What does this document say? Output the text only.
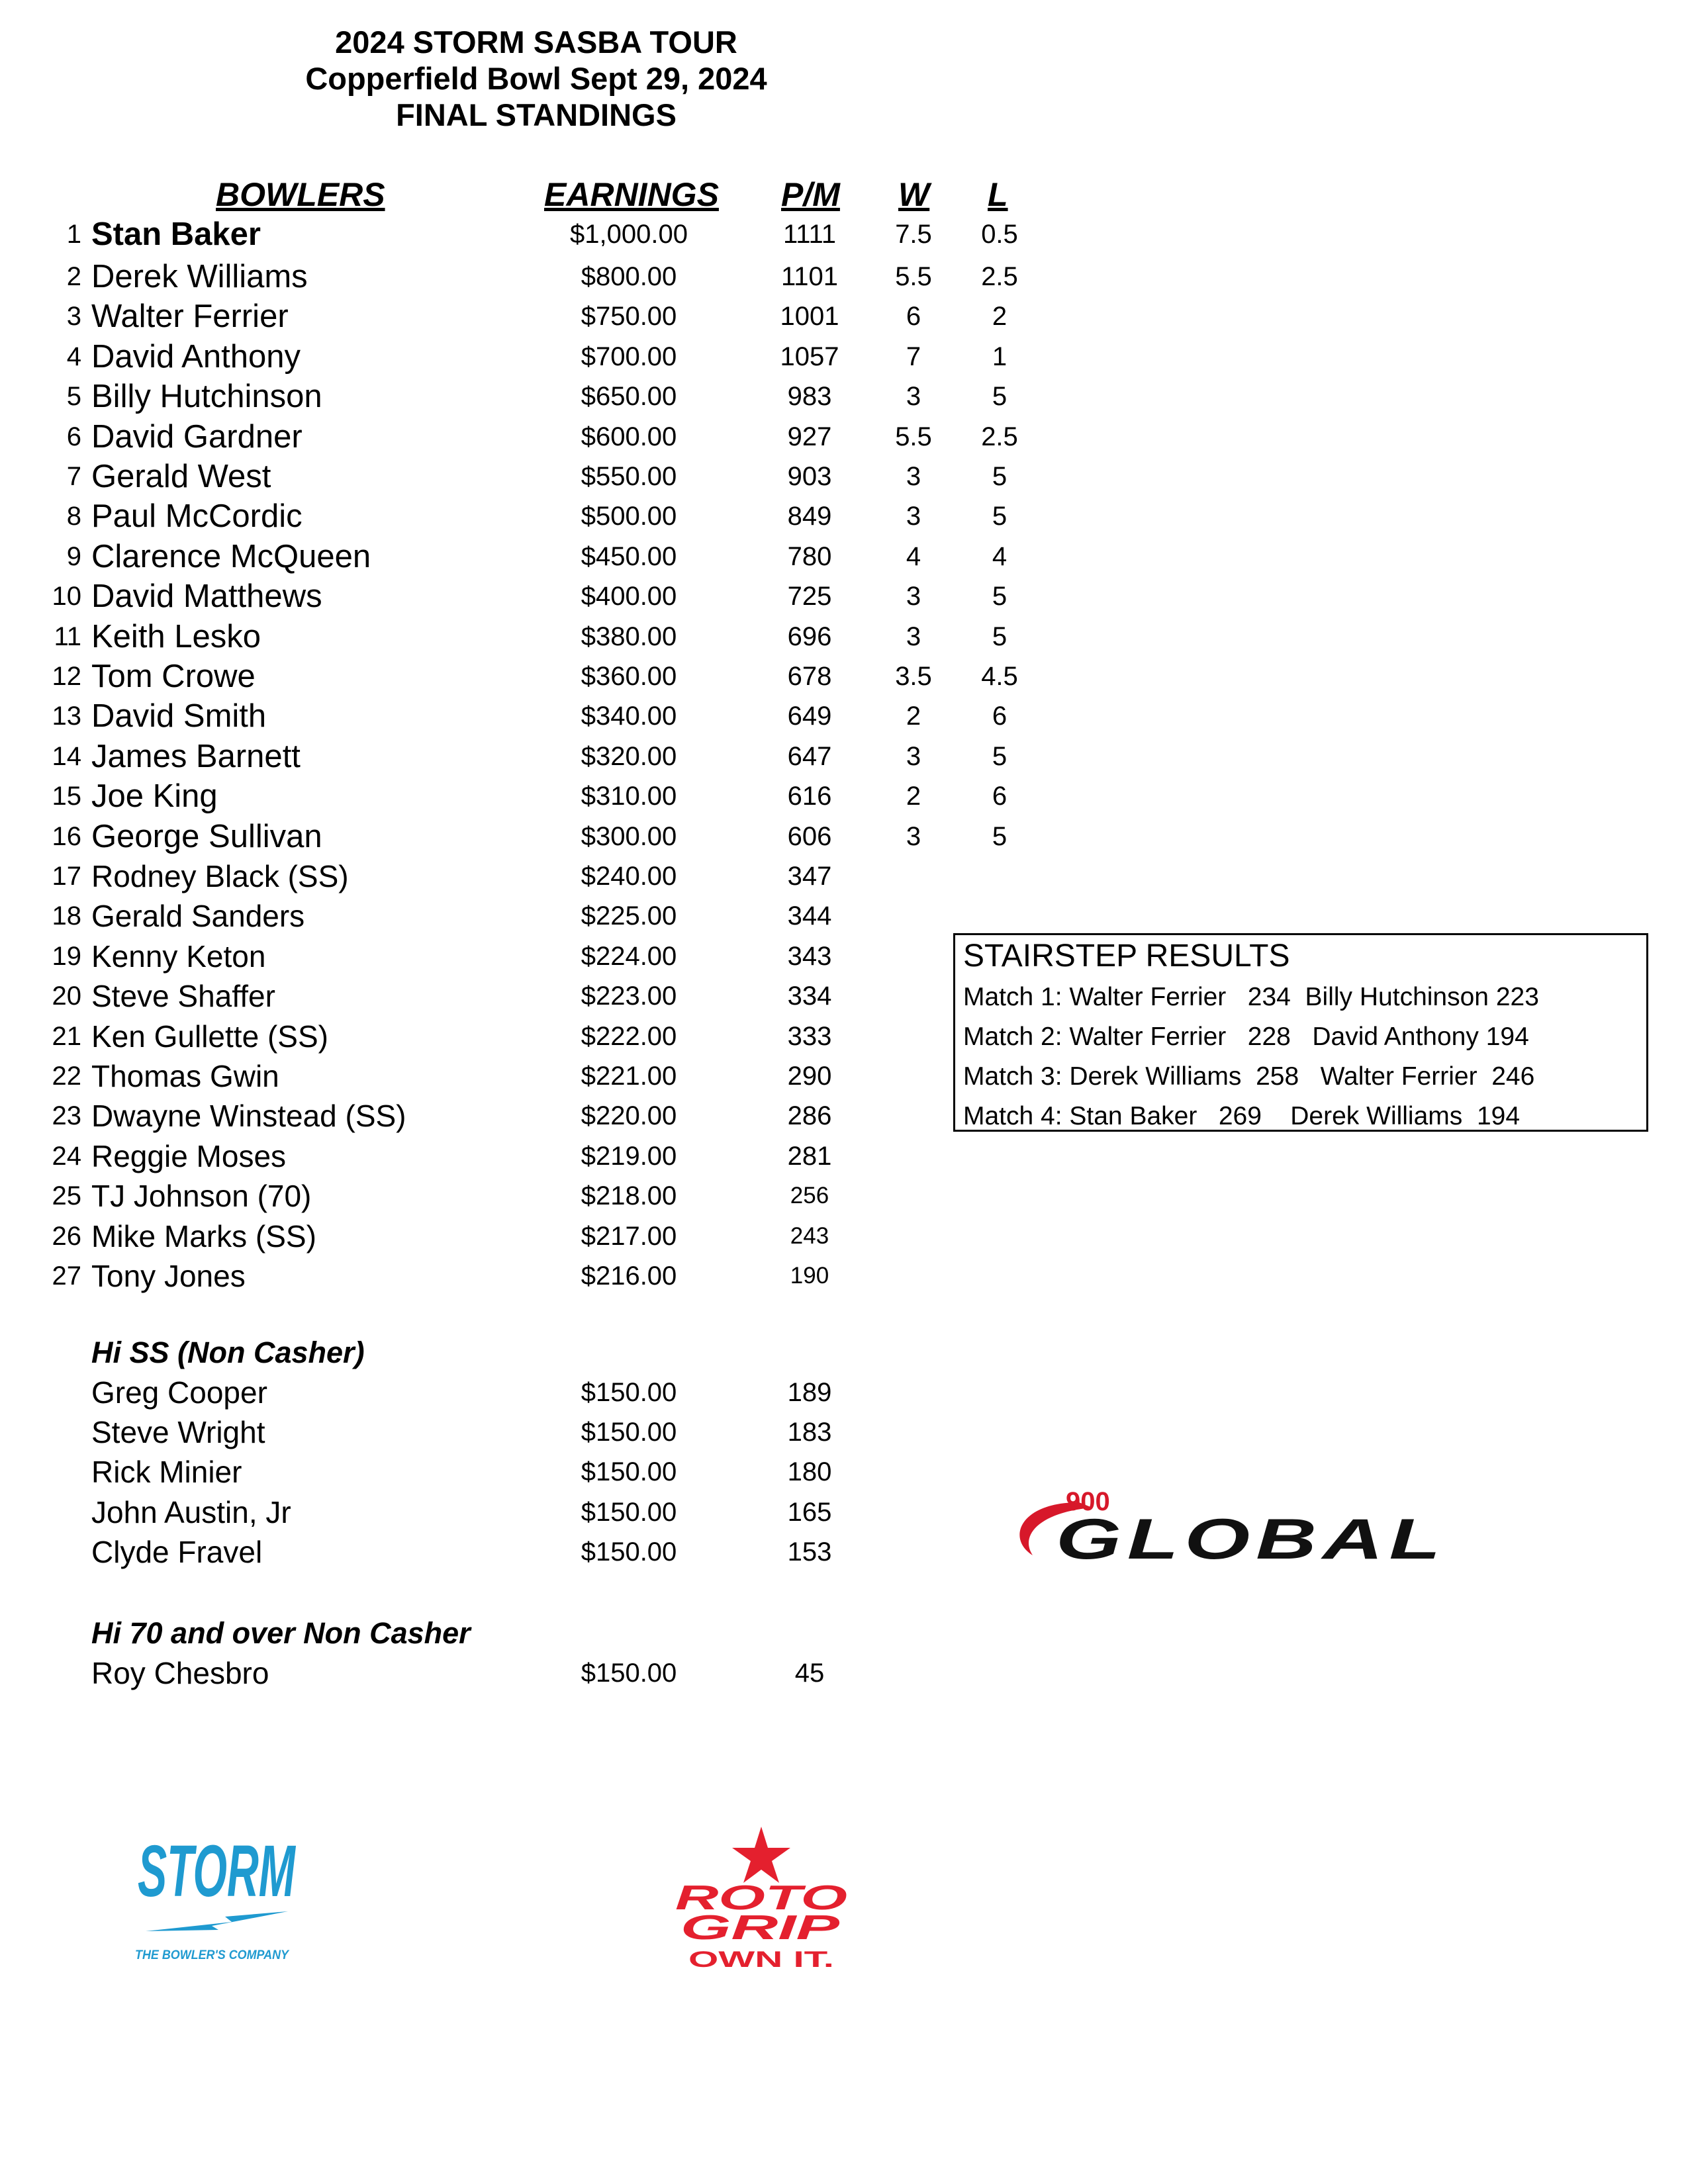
2024 STORM SASBA TOUR
Copperfield Bowl Sept 29, 2024
FINAL STANDINGS
BOWLERS	EARNINGS P/M W L
1 Stan Baker	$1,000.00	1111	7.5	0.5
2 Derek Williams	$800.00	1101	5.5	2.5
3 Walter Ferrier	$750.00	1001	6	2
4 David Anthony	$700.00	1057	7	1
5 Billy Hutchinson	$650.00	983	3	5
6 David Gardner	$600.00	927	5.5	2.5
7 Gerald West	$550.00	903	3	5
8 Paul McCordic	$500.00	849	3	5
9 Clarence McQueen	$450.00	780	4	4
10 David Matthews	$400.00	725	3	5
11 Keith Lesko	$380.00	696	3	5
12 Tom Crowe	$360.00	678	3.5	4.5
13 David Smith	$340.00	649	2	6
14 James Barnett	$320.00	647	3	5
15 Joe King	$310.00	616	2	6
16 George Sullivan	$300.00	606	3	5
17 Rodney Black (SS)	$240.00	347
18 Gerald Sanders	$225.00	344
19 Kenny Keton	$224.00	343
20 Steve Shaffer	$223.00	334
21 Ken Gullette (SS)	$222.00	333
22 Thomas Gwin	$221.00	290
23 Dwayne Winstead (SS)	$220.00	286
24 Reggie Moses	$219.00	281
25 TJ Johnson (70)	$218.00	256
26 Mike Marks (SS)	$217.00	243
27 Tony Jones	$216.00	190
Hi SS (Non Casher)
Greg Cooper	$150.00	189
Steve Wright	$150.00	183
Rick Minier	$150.00	180
John Austin, Jr	$150.00	165
Clyde Fravel	$150.00	153
Hi 70 and over Non Casher
Roy Chesbro	$150.00	45
STAIRSTEP RESULTS
Match 1: Walter Ferrier   234  Billy Hutchinson 223
Match 2: Walter Ferrier   228   David Anthony 194
Match 3: Derek Williams  258   Walter Ferrier  246
Match 4: Stan Baker   269    Derek Williams  194
900
GLOBAL
STORM
THE BOWLER'S COMPANY
ROTO
GRIP
OWN IT.
